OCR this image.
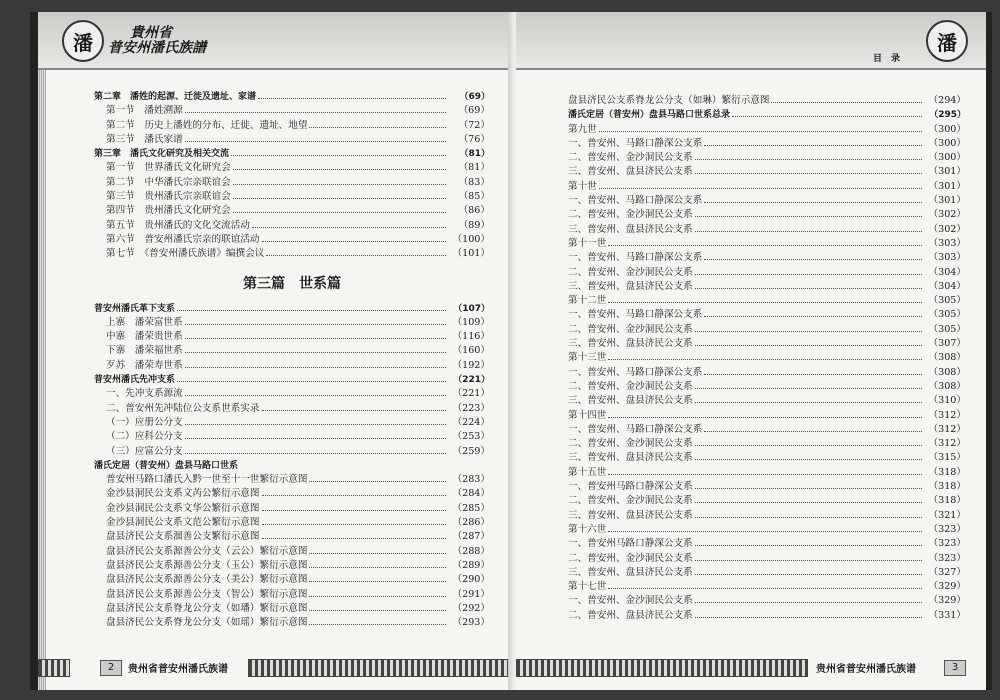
潘	貴州省
普安州潘氏族譜
第二章　潘姓的起源、迁徙及遗址、家谱	（69）
第一节　潘姓溯源	（69）
第二节　历史上潘姓的分布、迁徙、遗址、地望	（72）
第三节　潘氏家谱	（76）
第三章　潘氏文化研究及相关交流	（81）
第一节　世界潘氏文化研究会	（81）
第二节　中华潘氏宗亲联谊会	（83）
第三节　贵州潘氏宗亲联谊会	（85）
第四节　贵州潘氏文化研究会	（86）
第五节　贵州潘氏的文化交流活动	（89）
第六节　普安州潘氏宗亲的联谊活动	（100）
第七节　《普安州潘氏族谱》编撰会议	（101）
第三篇　世系篇
普安州潘氏革下支系	（107）
上寨　潘荣富世系	（109）
中寨　潘荣贵世系	（116）
下寨　潘荣福世系	（160）
歹苏　潘荣寿世系	（192）
普安州潘氏先冲支系	（221）
一、先冲支系源流	（221）
二、普安州先冲陆位公支系世系实录	（223）
（一）应册公分支	（224）
（二）应科公分支	（253）
（三）应富公分支	（259）
潘氏定居（普安州）盘县马路口世系
普安州马路口潘氏入黔一世至十一世繁衍示意图	（283）
金沙县洞民公支系文芮公繁衍示意图	（284）
金沙县洞民公支系文华公繁衍示意图	（285）
金沙县洞民公支系文范公繁衍示意图	（286）
盘县济民公支系溜善公支繁衍示意图	（287）
盘县济民公支系源善公分支（云公）繁衍示意图	（288）
盘县济民公支系源善公分支（玉公）繁衍示意图	（289）
盘县济民公支系源善公分支（美公）繁衍示意图	（290）
盘县济民公支系源善公分支（智公）繁衍示意图	（291）
盘县济民公支系脊龙公分支（如璠）繁衍示意图	（292）
盘县济民公支系脊龙公分支（如瑶）繁衍示意图	（293）
2	贵州省普安州潘氏族谱
目　录
潘
盘县济民公支系脊龙公分支（如琳）繁衍示意图	（294）
潘氏定居（普安州）盘县马路口世系总录	（295）
第九世	（300）
一、普安州、马路口静深公支系	（300）
二、普安州、金沙洞民公支系	（300）
三、普安州、盘县济民公支系	（301）
第十世	（301）
一、普安州、马路口静深公支系	（301）
二、普安州、金沙洞民公支系	（302）
三、普安州、盘县济民公支系	（302）
第十一世	（303）
一、普安州、马路口静深公支系	（303）
二、普安州、金沙洞民公支系	（304）
三、普安州、盘县济民公支系	（304）
第十二世	（305）
一、普安州、马路口静深公支系	（305）
二、普安州、金沙洞民公支系	（305）
三、普安州、盘县济民公支系	（307）
第十三世	（308）
一、普安州、马路口静深公支系	（308）
二、普安州、金沙洞民公支系	（308）
三、普安州、盘县济民公支系	（310）
第十四世	（312）
一、普安州、马路口静深公支系	（312）
二、普安州、金沙洞民公支系	（312）
三、普安州、盘县济民公支系	（315）
第十五世	（318）
一、普安州马路口静深公支系	（318）
二、普安州、金沙洞民公支系	（318）
三、普安州、盘县济民公支系	（321）
第十六世	（323）
一、普安州马路口静深公支系	（323）
二、普安州、金沙洞民公支系	（323）
三、普安州、盘县济民公支系	（327）
第十七世	（329）
一、普安州、金沙洞民公支系	（329）
二、普安州、盘县济民公支系	（331）
贵州省普安州潘氏族谱	3
